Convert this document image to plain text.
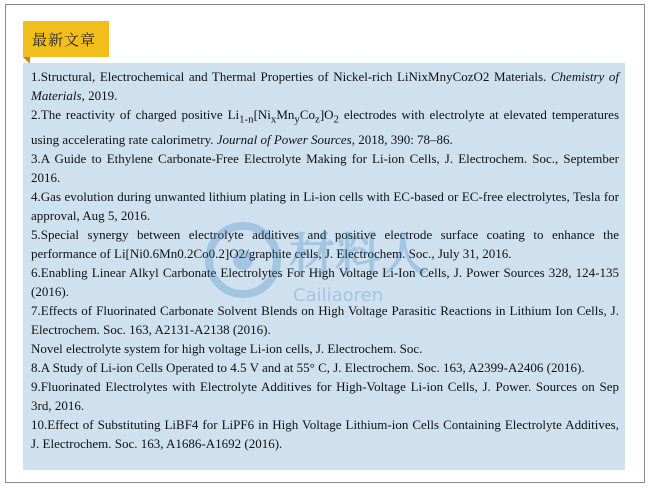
最新文章

1.Structural, Electrochemical and Thermal Properties of Nickel-rich LiNixMnyCozO2 Materials. Chemistry of Materials, 2019.

2.The reactivity of charged positive $Li_{1-n}[Ni_xMn_yCo_z]O_2$ electrodes with electrolyte at elevated temperatures using accelerating rate calorimetry. Journal of Power Sources, 2018, 390: 78–86.

3.A Guide to Ethylene Carbonate-Free Electrolyte Making for Li-ion Cells, J. Electrochem. Soc., September 2016.

4.Gas evolution during unwanted lithium plating in Li-ion cells with EC-based or EC-free electrolytes, Tesla for approval, Aug 5, 2016.

5.Special synergy between electrolyte additives and positive electrode surface coating to enhance the performance of Li[Ni0.6Mn0.2Co0.2]O2/graphite cells, J. Electrochem. Soc., July 31, 2016.

6.Enabling Linear Alkyl Carbonate Electrolytes For High Voltage Li-Ion Cells, J. Power Sources 328, 124-135 (2016).

7.Effects of Fluorinated Carbonate Solvent Blends on High Voltage Parasitic Reactions in Lithium Ion Cells, J. Electrochem. Soc. 163, A2131-A2138 (2016).

Novel electrolyte system for high voltage Li-ion cells, J. Electrochem. Soc.

8.A Study of Li-ion Cells Operated to 4.5 V and at 55° C, J. Electrochem. Soc. 163, A2399-A2406 (2016).

9.Fluorinated Electrolytes with Electrolyte Additives for High-Voltage Li-ion Cells, J. Power. Sources on Sep 3rd, 2016.

10.Effect of Substituting LiBF4 for LiPF6 in High Voltage Lithium-ion Cells Containing Electrolyte Additives, J. Electrochem. Soc. 163, A1686-A1692 (2016).

材料人
Cailiaoren
